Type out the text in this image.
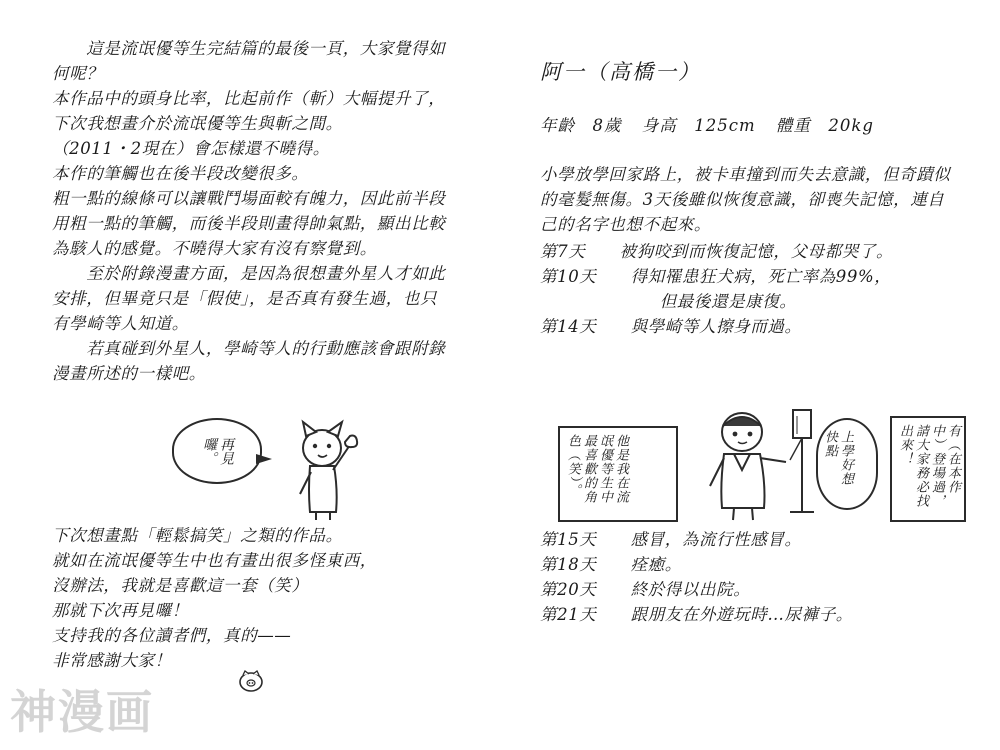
　　這是流氓優等生完結篇的最後一頁，大家覺得如何呢？
本作品中的頭身比率，比起前作（斬）大幅提升了，下次我想畫介於流氓優等生與斬之間。
（2011・2現在）會怎樣還不曉得。
本作的筆觸也在後半段改變很多。
粗一點的線條可以讓戰鬥場面較有魄力，因此前半段用粗一點的筆觸，而後半段則畫得帥氣點，顯出比較為駭人的感覺。不曉得大家有沒有察覺到。
　　至於附錄漫畫方面，是因為很想畫外星人才如此安排，但畢竟只是「假使」，是否真有發生過，也只有學崎等人知道。
　　若真碰到外星人，學崎等人的行動應該會跟附錄漫畫所述的一樣吧。
再見囉。
下次想畫點「輕鬆搞笑」之類的作品。
就如在流氓優等生中也有畫出很多怪東西，
沒辦法，我就是喜歡這一套（笑）
那就下次再見囉！
支持我的各位讀者們，真的——
非常感謝大家！
阿一（高橋一）
年齡　8歲 身高　125cm 體重　20kg
小學放學回家路上，被卡車撞到而失去意識，但奇蹟似的毫髮無傷。3天後雖似恢復意識，卻喪失記憶，連自己的名字也想不起來。
第7天　　被狗咬到而恢復記憶，父母都哭了。
第10天　　得知罹患狂犬病，死亡率為99%，
　　　　　　　但最後還是康復。
第14天　　與學崎等人擦身而過。
他是我在流氓優等生中最喜歡的角色（笑）。	上學好想快點	有（在本作中）登場過，請大家務必找出來！
第15天　　感冒，為流行性感冒。
第18天　　痊癒。
第20天　　終於得以出院。
第21天　　跟朋友在外遊玩時…尿褲子。
神漫画
